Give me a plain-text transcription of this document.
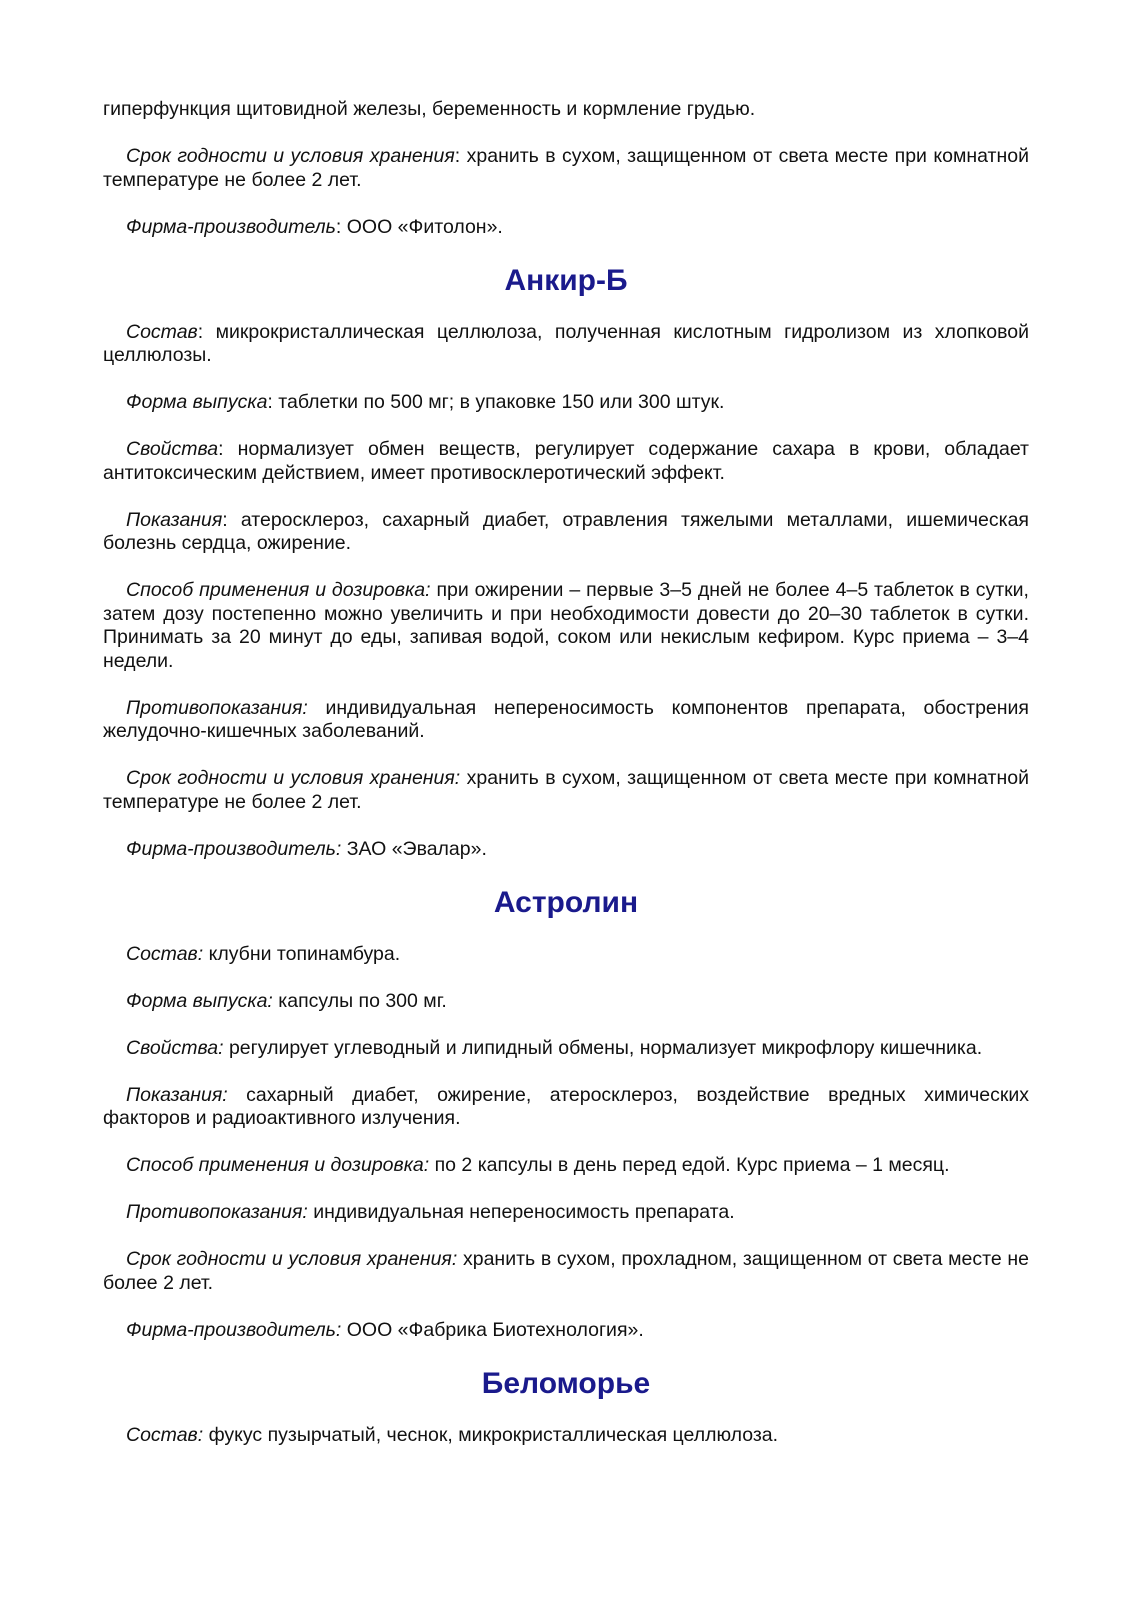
гиперфункция щитовидной железы, беременность и кормление грудью.

Срок годности и условия хранения: хранить в сухом, защищенном от света месте при комнатной температуре не более 2 лет.

Фирма-производитель: ООО «Фитолон».

Анкир-Б

Состав: микрокристаллическая целлюлоза, полученная кислотным гидролизом из хлопковой целлюлозы.

Форма выпуска: таблетки по 500 мг; в упаковке 150 или 300 штук.

Свойства: нормализует обмен веществ, регулирует содержание сахара в крови, обладает антитоксическим действием, имеет противосклеротический эффект.

Показания: атеросклероз, сахарный диабет, отравления тяжелыми металлами, ишемическая болезнь сердца, ожирение.

Способ применения и дозировка: при ожирении – первые 3–5 дней не более 4–5 таблеток в сутки, затем дозу постепенно можно увеличить и при необходимости довести до 20–30 таблеток в сутки. Принимать за 20 минут до еды, запивая водой, соком или некислым кефиром. Курс приема – 3–4 недели.

Противопоказания: индивидуальная непереносимость компонентов препарата, обострения желудочно-кишечных заболеваний.

Срок годности и условия хранения: хранить в сухом, защищенном от света месте при комнатной температуре не более 2 лет.

Фирма-производитель: ЗАО «Эвалар».

Астролин

Состав: клубни топинамбура.

Форма выпуска: капсулы по 300 мг.

Свойства: регулирует углеводный и липидный обмены, нормализует микрофлору кишечника.

Показания: сахарный диабет, ожирение, атеросклероз, воздействие вредных химических факторов и радиоактивного излучения.

Способ применения и дозировка: по 2 капсулы в день перед едой. Курс приема – 1 месяц.

Противопоказания: индивидуальная непереносимость препарата.

Срок годности и условия хранения: хранить в сухом, прохладном, защищенном от света месте не более 2 лет.

Фирма-производитель: ООО «Фабрика Биотехнология».

Беломорье

Состав: фукус пузырчатый, чеснок, микрокристаллическая целлюлоза.
